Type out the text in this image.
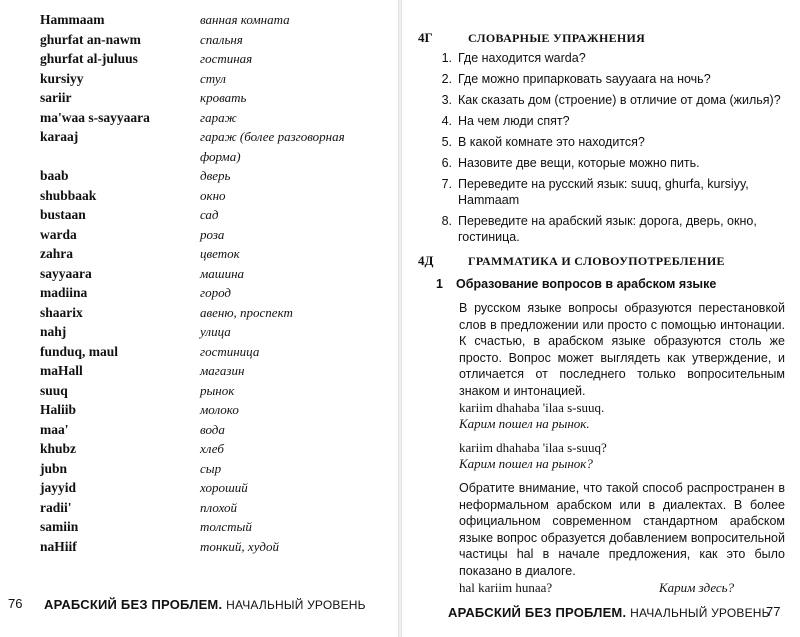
Hammaam	ванная комната
ghurfat an-nawm	спальня
ghurfat al-juluus	гостиная
kursiyy	стул
sariir	кровать
ma'waa s-sayyaara	гараж
karaaj	гараж (более разговорная форма)
baab	дверь
shubbaak	окно
bustaan	сад
warda	роза
zahra	цветок
sayyaara	машина
madiina	город
shaarix	авеню, проспект
nahj	улица
funduq, maul	гостиница
maHall	магазин
suuq	рынок
Haliib	молоко
maa'	вода
khubz	хлеб
jubn	сыр
jayyid	хороший
radii'	плохой
samiin	толстый
naHiif	тонкий, худой
76 АРАБСКИЙ БЕЗ ПРОБЛЕМ. НАЧАЛЬНЫЙ УРОВЕНЬ
4Г	СЛОВАРНЫЕ УПРАЖНЕНИЯ
1. Где находится warda?
2. Где можно припарковать sayyaara на ночь?
3. Как сказать дом (строение) в отличие от дома (жилья)?
4. На чем люди спят?
5. В какой комнате это находится?
6. Назовите две вещи, которые можно пить.
7. Переведите на русский язык: suuq, ghurfa, kursiyy, Hammaam
8. Переведите на арабский язык: дорога, дверь, окно, гостиница.
4Д	ГРАММАТИКА И СЛОВОУПОТРЕБЛЕНИЕ
1	Образование вопросов в арабском языке
В русском языке вопросы образуются перестановкой слов в предложении или просто с помощью интонации. К счастью, в арабском языке образуются столь же просто. Вопрос может выглядеть как утверждение, и отличается от последнего только вопросительным знаком и интонацией.
kariim dhahaba 'ilaa s-suuq.
Карим пошел на рынок.
kariim dhahaba 'ilaa s-suuq?
Карим пошел на рынок?
Обратите внимание, что такой способ распространен в неформальном арабском или в диалектах. В более официальном современном стандартном арабском языке вопрос образуется добавлением вопросительной частицы hal в начале предложения, как это было показано в диалоге.
hal kariim hunaa?	Карим здесь?
АРАБСКИЙ БЕЗ ПРОБЛЕМ. НАЧАЛЬНЫЙ УРОВЕНЬ
77
